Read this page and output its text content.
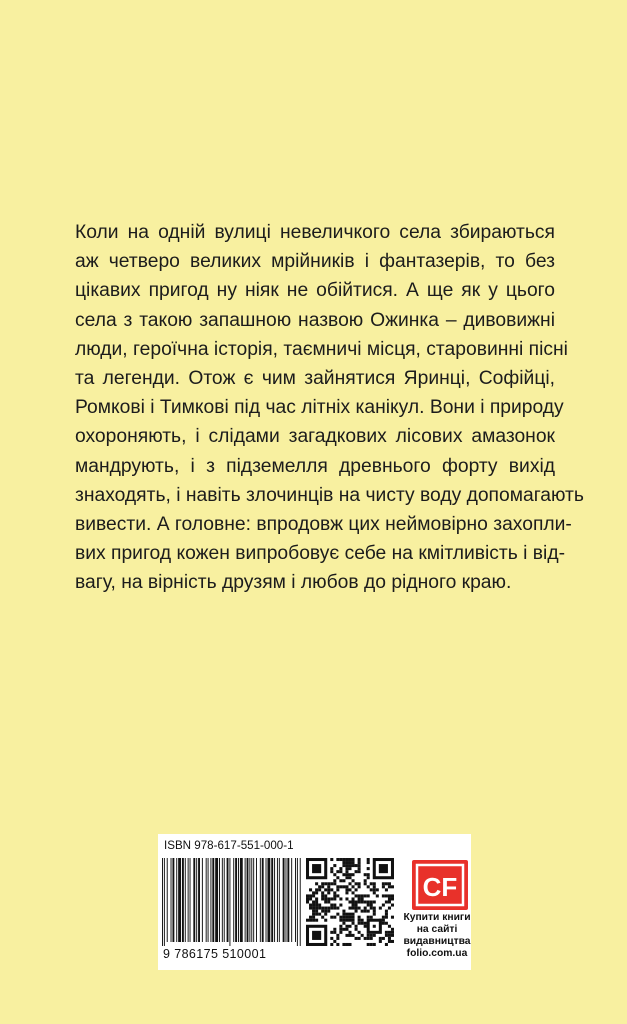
Коли на одній вулиці невеличкого села збираються
аж четверо великих мрійників і фантазерів, то без
цікавих пригод ну ніяк не обійтися. А ще як у цього
села з такою запашною назвою Ожинка – дивовижні
люди, героїчна історія, таємничі місця, старовинні пісні
та легенди. Отож є чим зайнятися Яринці, Софійці,
Ромкові і Тимкові під час літніх канікул. Вони і природу
охороняють, і слідами загадкових лісових амазонок
мандрують, і з підземелля древнього форту вихід
знаходять, і навіть злочинців на чисту воду допомагають
вивести. А головне: впродовж цих неймовірно захопли-
вих пригод кожен випробовує себе на кмітливість і від-
вагу, на вірність друзям і любов до рідного краю.
ISBN 978-617-551-000-1
9 786175 510001
CF
Купити книги
на сайті
видавництва
folio.com.ua
